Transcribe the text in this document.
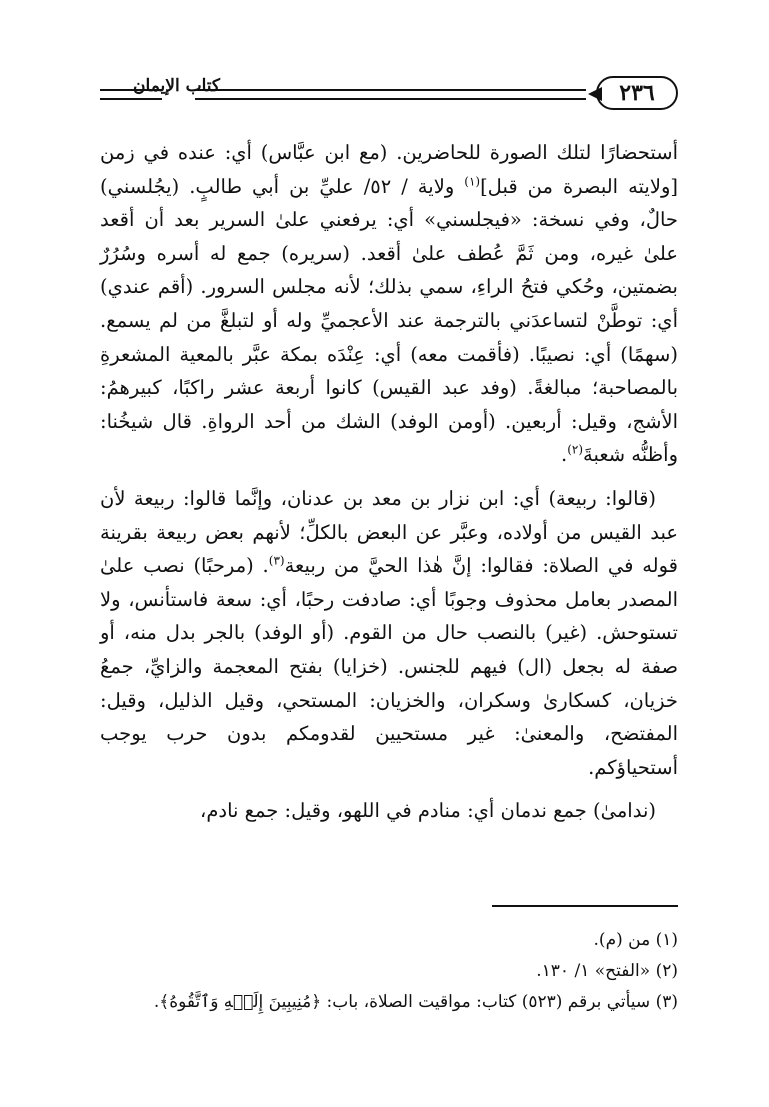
٢٣٦
كتاب الإيمان

أستحضارًا لتلك الصورة للحاضرين. (مع ابن عبَّاس) أي: عنده في زمن [ولايته البصرة من قبل]$^{(١)}$ ولاية / ٥٢/ عليِّ بن أبي طالبٍ. (يجُلسني) حالٌ، وفي نسخة: «فيجلسني» أي: يرفعني علىٰ السرير بعد أن أقعد علىٰ غيره، ومن ثَمَّ عُطف علىٰ أقعد. (سريره) جمع له أسره وسُرُرٌ بضمتين، وحُكي فتحُ الراءِ، سمي بذلك؛ لأنه مجلس السرور. (أقم عندي) أي: توطَّنْ لتساعدَني بالترجمة عند الأعجميِّ وله أو لتبلغَّ من لم يسمع. (سهمًا) أي: نصيبًا. (فأقمت معه) أي: عِنْدَه بمكة عبَّر بالمعية المشعرةِ بالمصاحبة؛ مبالغةً. (وفد عبد القيس) كانوا أربعة عشر راكبًا، كبيرهمُ: الأشج، وقيل: أربعين. (أومن الوفد) الشك من أحد الرواةِ. قال شيخُنا: وأظنُّه شعبةَ$^{(٢)}$.

(قالوا: ربيعة) أي: ابن نزار بن معد بن عدنان، وإنَّما قالوا: ربيعة لأن عبد القيس من أولاده، وعبَّر عن البعض بالكلِّ؛ لأنهم بعض ربيعة بقرينة قوله في الصلاة: فقالوا: إنَّ هٰذا الحيَّ من ربيعة$^{(٣)}$. (مرحبًا) نصب علىٰ المصدر بعامل محذوف وجوبًا أي: صادفت رحبًا، أي: سعة فاستأنس، ولا تستوحش. (غير) بالنصب حال من القوم. (أو الوفد) بالجر بدل منه، أو صفة له بجعل (ال) فيهم للجنس. (خزايا) بفتح المعجمة والزايِّ، جمعُ خزيان، كسكارىٰ وسكران، والخزيان: المستحي، وقيل الذليل، وقيل: المفتضح، والمعنىٰ: غير مستحيين لقدومكم بدون حرب يوجب أستحياؤكم.

(ندامىٰ) جمع ندمان أي: منادم في اللهو، وقيل: جمع نادم،

(١) من (م).

(٢) «الفتح» ١/ ١٣٠.

(٣) سيأتي برقم (٥٢٣) كتاب: مواقيت الصلاة، باب: ﴿مُنِيبِينَ إِلَيۡهِ وَٱتَّقُوهُ﴾.
